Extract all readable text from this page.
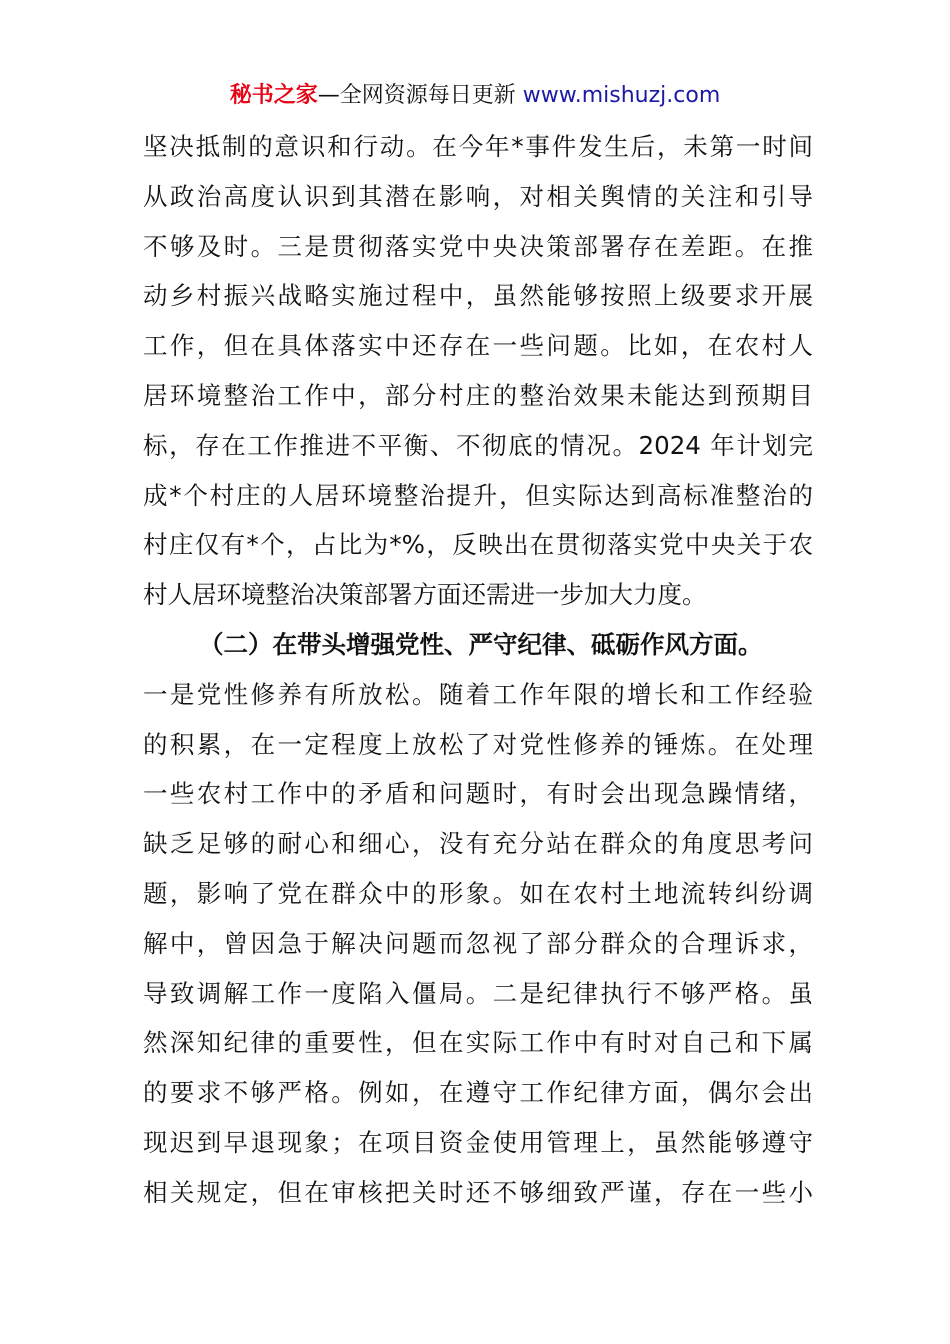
秘书之家—全网资源每日更新 www.mishuzj.com
坚决抵制的意识和行动。在今年*事件发生后，未第一时间
从政治高度认识到其潜在影响，对相关舆情的关注和引导
不够及时。三是贯彻落实党中央决策部署存在差距。在推
动乡村振兴战略实施过程中，虽然能够按照上级要求开展
工作，但在具体落实中还存在一些问题。比如，在农村人
居环境整治工作中，部分村庄的整治效果未能达到预期目
标，存在工作推进不平衡、不彻底的情况。2024 年计划完
成*个村庄的人居环境整治提升，但实际达到高标准整治的
村庄仅有*个，占比为*%，反映出在贯彻落实党中央关于农
村人居环境整治决策部署方面还需进一步加大力度。
（二）在带头增强党性、严守纪律、砥砺作风方面。
一是党性修养有所放松。随着工作年限的增长和工作经验
的积累，在一定程度上放松了对党性修养的锤炼。在处理
一些农村工作中的矛盾和问题时，有时会出现急躁情绪，
缺乏足够的耐心和细心，没有充分站在群众的角度思考问
题，影响了党在群众中的形象。如在农村土地流转纠纷调
解中，曾因急于解决问题而忽视了部分群众的合理诉求，
导致调解工作一度陷入僵局。二是纪律执行不够严格。虽
然深知纪律的重要性，但在实际工作中有时对自己和下属
的要求不够严格。例如，在遵守工作纪律方面，偶尔会出
现迟到早退现象；在项目资金使用管理上，虽然能够遵守
相关规定，但在审核把关时还不够细致严谨，存在一些小
